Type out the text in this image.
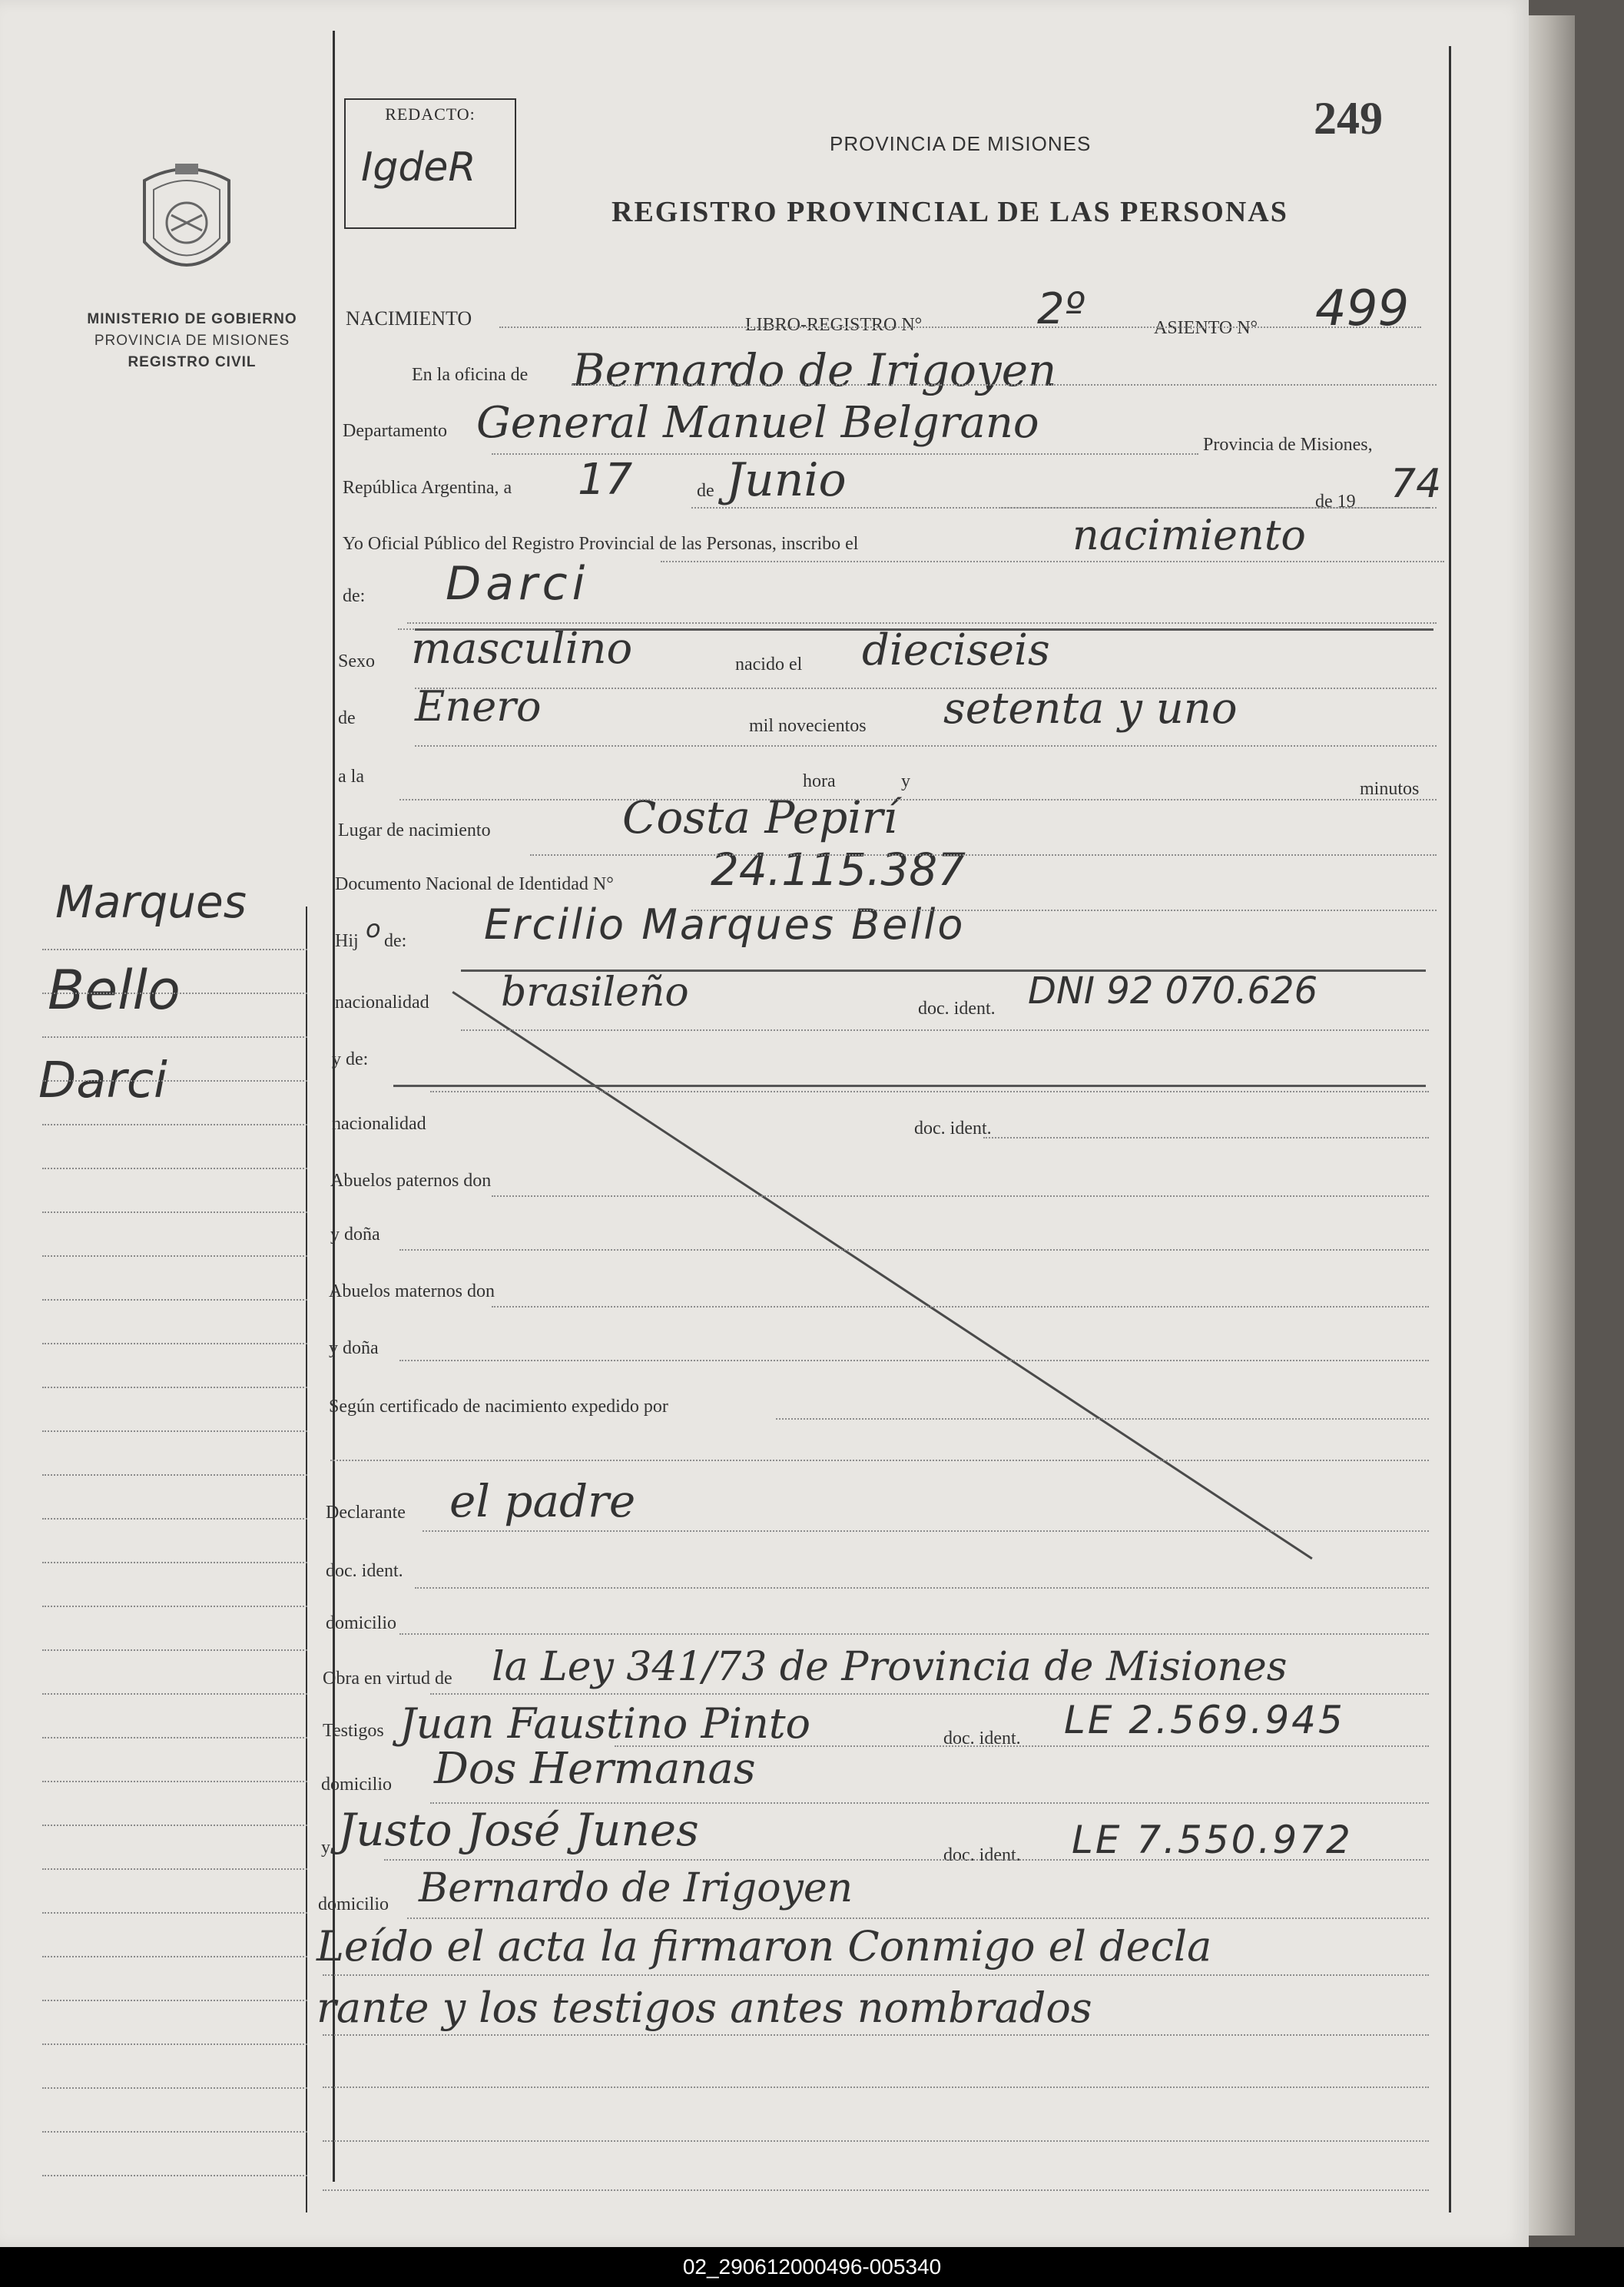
MINISTERIO DE GOBIERNO
PROVINCIA DE MISIONES
REGISTRO CIVIL
Marques
Bello
Darci
REDACTO:
IgdeR
249
PROVINCIA DE MISIONES
REGISTRO PROVINCIAL DE LAS PERSONAS
NACIMIENTO	LIBRO-REGISTRO N°	2º	ASIENTO N° 499
En la oficina de Bernardo de Irigoyen
Departamento General Manuel Belgrano	Provincia de Misiones,
República Argentina, a 17	de Junio	de 19 74
Yo Oficial Público del Registro Provincial de las Personas, inscribo el	nacimiento
de: Darci
Sexo masculino	nacido el dieciseis
de Enero	mil novecientos setenta y uno
a la	hora	y	minutos
Lugar de nacimiento	Costa Pepirí
Documento Nacional de Identidad N° 24.115.387
Hij o de: Ercilio Marques Bello
nacionalidad brasileño	doc. ident. DNI 92 070.626
y de:
nacionalidad	doc. ident.
Abuelos paternos don
y doña
Abuelos maternos don
y doña
Según certificado de nacimiento expedido por
Declarante el padre
doc. ident.
domicilio
Obra en virtud de la Ley 341/73 de Provincia de Misiones
Testigos Juan Faustino Pinto	doc. ident. LE 2.569.945
domicilio Dos Hermanas
y Justo José Junes	doc. ident. LE 7.550.972
domicilio Bernardo de Irigoyen
Leído el acta la firmaron Conmigo el decla
rante y los testigos antes nombrados
02_290612000496-005340
